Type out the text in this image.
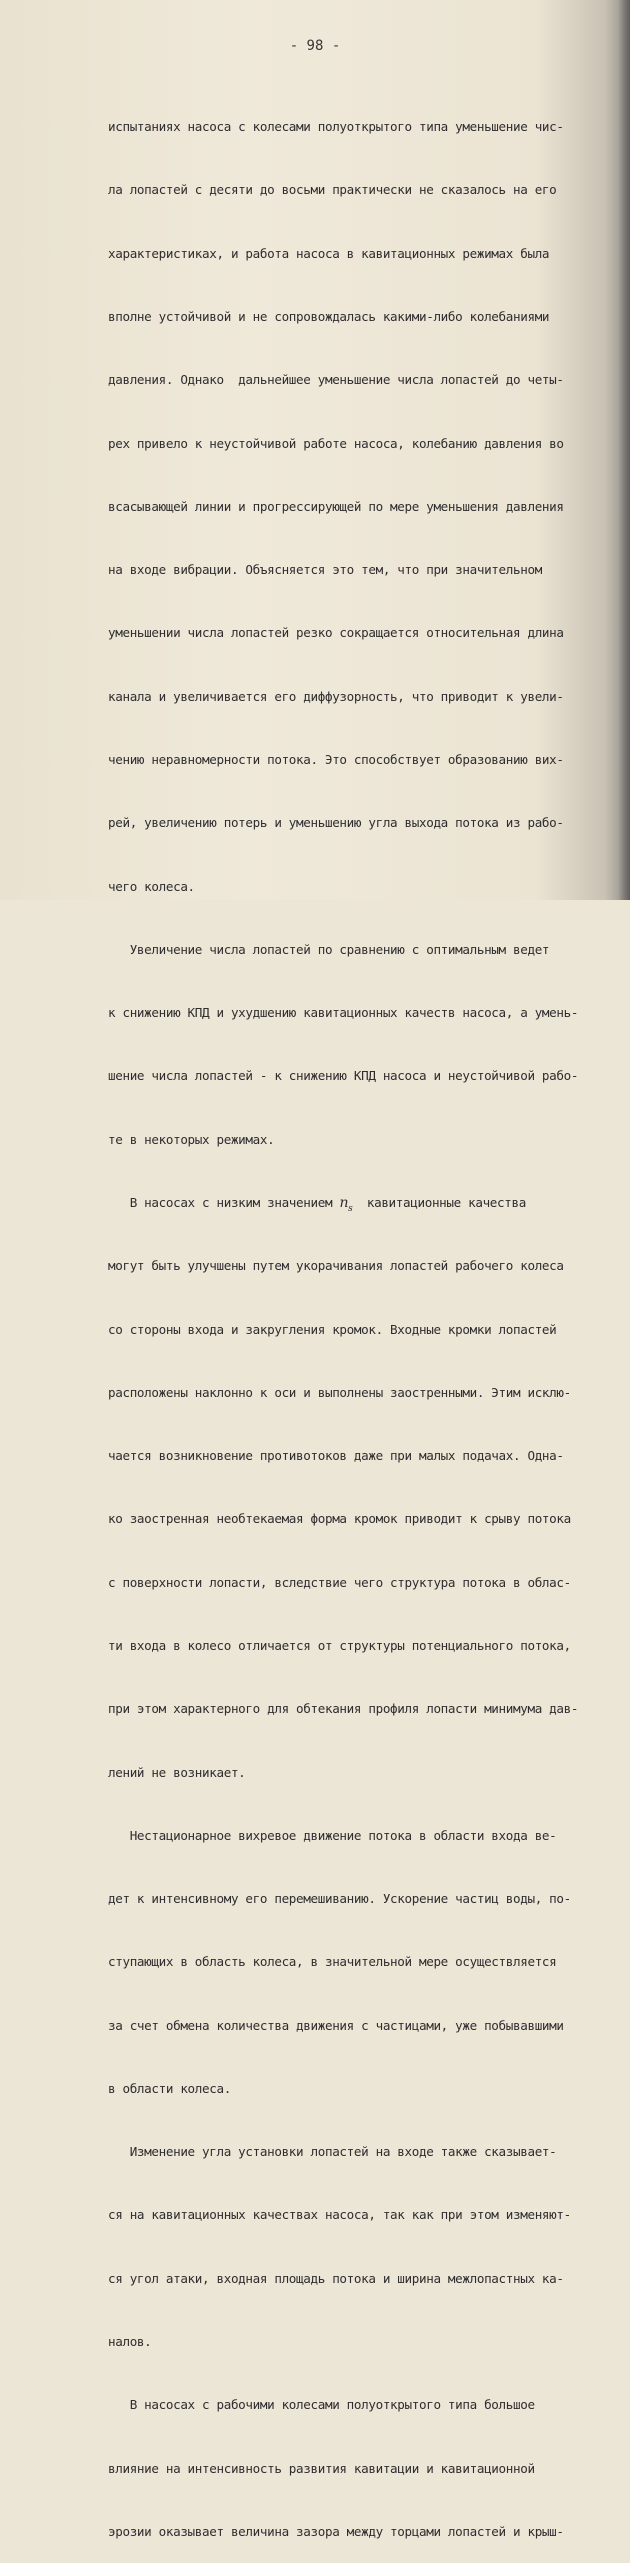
- 98 -

испытаниях насоса с колесами полуоткрытого типа уменьшение чис-

ла лопастей с десяти до восьми практически не сказалось на его

характеристиках, и работа насоса в кавитационных режимах была

вполне устойчивой и не сопровождалась какими-либо колебаниями

давления. Однако  дальнейшее уменьшение числа лопастей до четы-

рех привело к неустойчивой работе насоса, колебанию давления во

всасывающей линии и прогрессирующей по мере уменьшения давления

на входе вибрации. Объясняется это тем, что при значительном

уменьшении числа лопастей резко сокращается относительная длина

канала и увеличивается его диффузорность, что приводит к увели-

чению неравномерности потока. Это способствует образованию вих-

рей, увеличению потерь и уменьшению угла выхода потока из рабо-

чего колеса.

Увеличение числа лопастей по сравнению с оптимальным ведет

к снижению КПД и ухудшению кавитационных качеств насоса, а умень-

шение числа лопастей - к снижению КПД насоса и неустойчивой рабо-

те в некоторых режимах.

В насосах с низким значением $n_s$  кавитационные качества

могут быть улучшены путем укорачивания лопастей рабочего колеса

со стороны входа и закругления кромок. Входные кромки лопастей

расположены наклонно к оси и выполнены заостренными. Этим исклю-

чается возникновение противотоков даже при малых подачах. Одна-

ко заостренная необтекаемая форма кромок приводит к срыву потока

с поверхности лопасти, вследствие чего структура потока в облас-

ти входа в колесо отличается от структуры потенциального потока,

при этом характерного для обтекания профиля лопасти минимума дав-

лений не возникает.

Нестационарное вихревое движение потока в области входа ве-

дет к интенсивному его перемешиванию. Ускорение частиц воды, по-

ступающих в область колеса, в значительной мере осуществляется

за счет обмена количества движения с частицами, уже побывавшими

в области колеса.

Изменение угла установки лопастей на входе также сказывает-

ся на кавитационных качествах насоса, так как при этом изменяют-

ся угол атаки, входная площадь потока и ширина межлопастных ка-

налов.

В насосах с рабочими колесами полуоткрытого типа большое

влияние на интенсивность развития кавитации и кавитационной

эрозии оказывает величина зазора между торцами лопастей и крыш-
